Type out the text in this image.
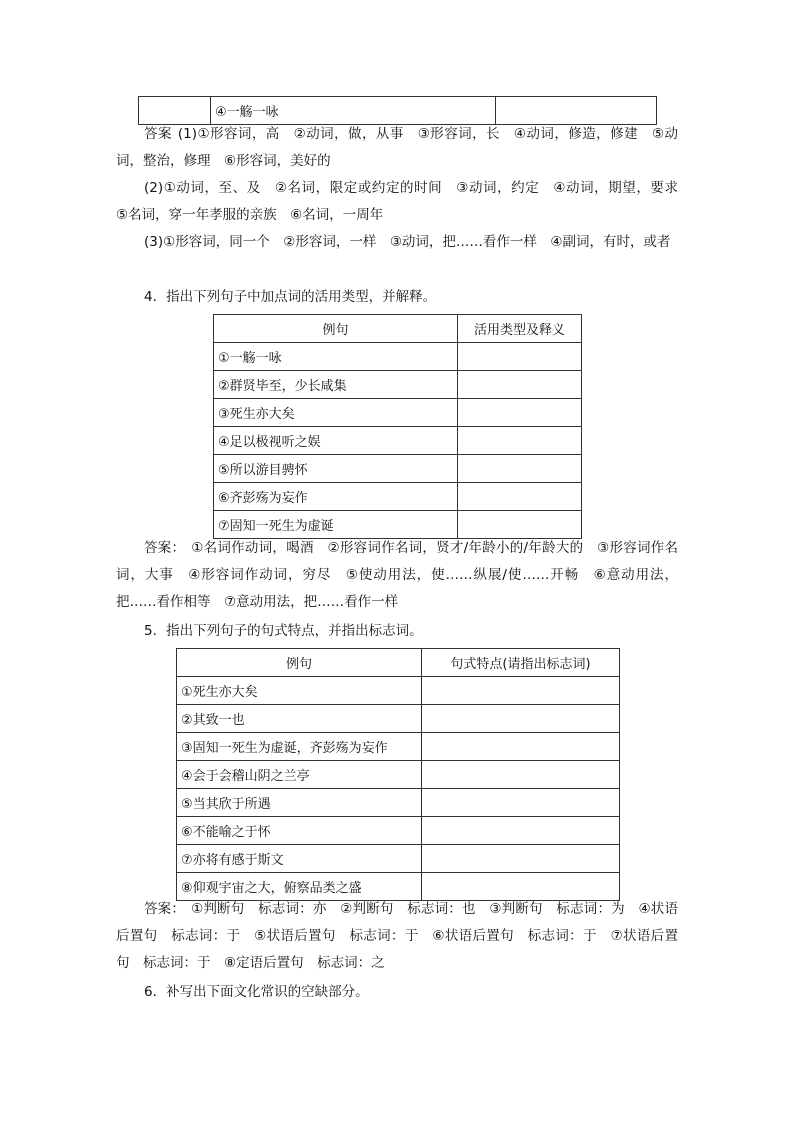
	④一觞一咏	
答案 (1)①形容词，高　②动词，做，从事　③形容词，长　④动词，修造，修建　⑤动词，整治，修理　⑥形容词，美好的
(2)①动词，至、及　②名词，限定或约定的时间　③动词，约定　④动词，期望，要求　⑤名词，穿一年孝服的亲族　⑥名词，一周年
(3)①形容词，同一个　②形容词，一样　③动词，把……看作一样　④副词，有时，或者
4．指出下列句子中加点词的活用类型，并解释。
例句	活用类型及释义
①一觞一咏	
②群贤毕至，少长咸集	
③死生亦大矣	
④足以极视听之娱	
⑤所以游目骋怀	
⑥齐彭殇为妄作	
⑦固知一死生为虚诞	
答案： ①名词作动词，喝酒　②形容词作名词，贤才/年龄小的/年龄大的　③形容词作名词，大事　④形容词作动词，穷尽　⑤使动用法，使……纵展/使……开畅　⑥意动用法，把……看作相等　⑦意动用法，把……看作一样
5．指出下列句子的句式特点，并指出标志词。
例句	句式特点(请指出标志词)
①死生亦大矣	
②其致一也	
③固知一死生为虚诞，齐彭殇为妄作	
④会于会稽山阴之兰亭	
⑤当其欣于所遇	
⑥不能喻之于怀	
⑦亦将有感于斯文	
⑧仰观宇宙之大，俯察品类之盛	
答案： ①判断句　标志词：亦　②判断句　标志词：也　③判断句　标志词：为　④状语后置句　标志词：于　⑤状语后置句　标志词：于　⑥状语后置句　标志词：于　⑦状语后置句　标志词：于　⑧定语后置句　标志词：之
6．补写出下面文化常识的空缺部分。
